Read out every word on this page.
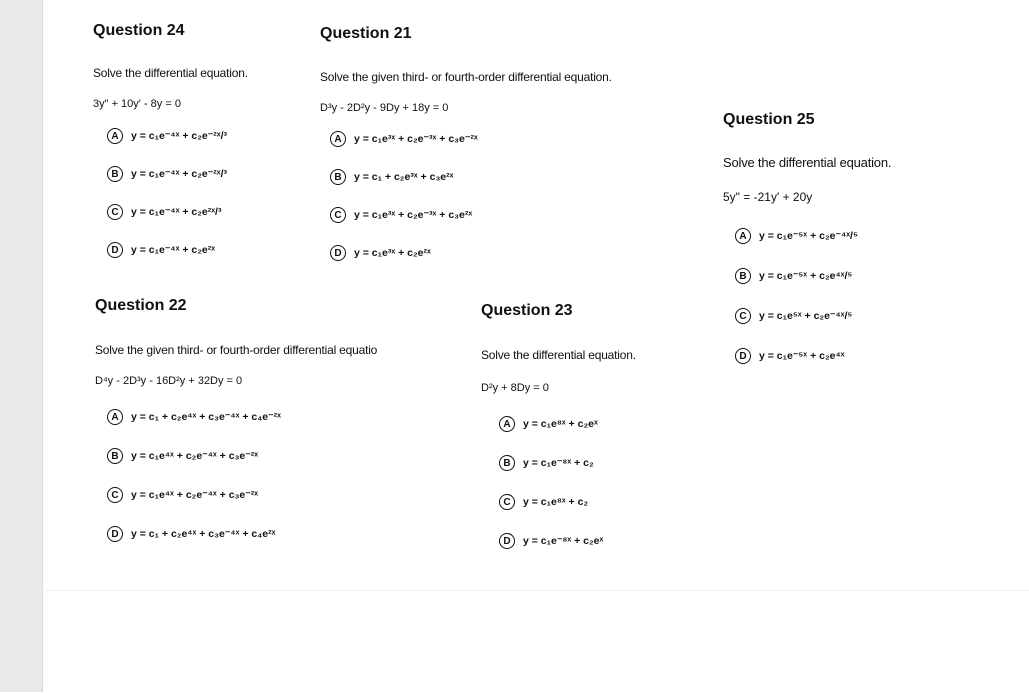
Question 24

Solve the differential equation.

3y" + 10y' - 8y = 0

A	y = c₁e⁻⁴ˣ + c₂e⁻²ˣ/³
B	y = c₁e⁻⁴ˣ + c₂e⁻²ˣ/³
C	y = c₁e⁻⁴ˣ + c₂e²ˣ/³
D	y = c₁e⁻⁴ˣ + c₂e²ˣ
Question 21

Solve the given third- or fourth-order differential equation.

D³y - 2D²y - 9Dy + 18y = 0

A	y = c₁e³ˣ + c₂e⁻³ˣ + c₃e⁻²ˣ
B	y = c₁ + c₂e³ˣ + c₃e²ˣ
C	y = c₁e³ˣ + c₂e⁻³ˣ + c₃e²ˣ
D	y = c₁e³ˣ + c₂e²ˣ
Question 25

Solve the differential equation.

5y" = -21y' + 20y

A	y = c₁e⁻⁵ˣ + c₂e⁻⁴ˣ/⁵
B	y = c₁e⁻⁵ˣ + c₂e⁴ˣ/⁵
C	y = c₁e⁵ˣ + c₂e⁻⁴ˣ/⁵
D	y = c₁e⁻⁵ˣ + c₂e⁴ˣ
Question 22

Solve the given third- or fourth-order differential equatio

D⁴y - 2D³y - 16D²y + 32Dy = 0

A	y = c₁ + c₂e⁴ˣ + c₃e⁻⁴ˣ + c₄e⁻²ˣ
B	y = c₁e⁴ˣ + c₂e⁻⁴ˣ + c₃e⁻²ˣ
C	y = c₁e⁴ˣ + c₂e⁻⁴ˣ + c₃e⁻²ˣ
D	y = c₁ + c₂e⁴ˣ + c₃e⁻⁴ˣ + c₄e²ˣ
Question 23

Solve the differential equation.

D²y + 8Dy = 0

A	y = c₁e⁸ˣ + c₂eˣ
B	y = c₁e⁻⁸ˣ + c₂
C	y = c₁e⁸ˣ + c₂
D	y = c₁e⁻⁸ˣ + c₂eˣ
